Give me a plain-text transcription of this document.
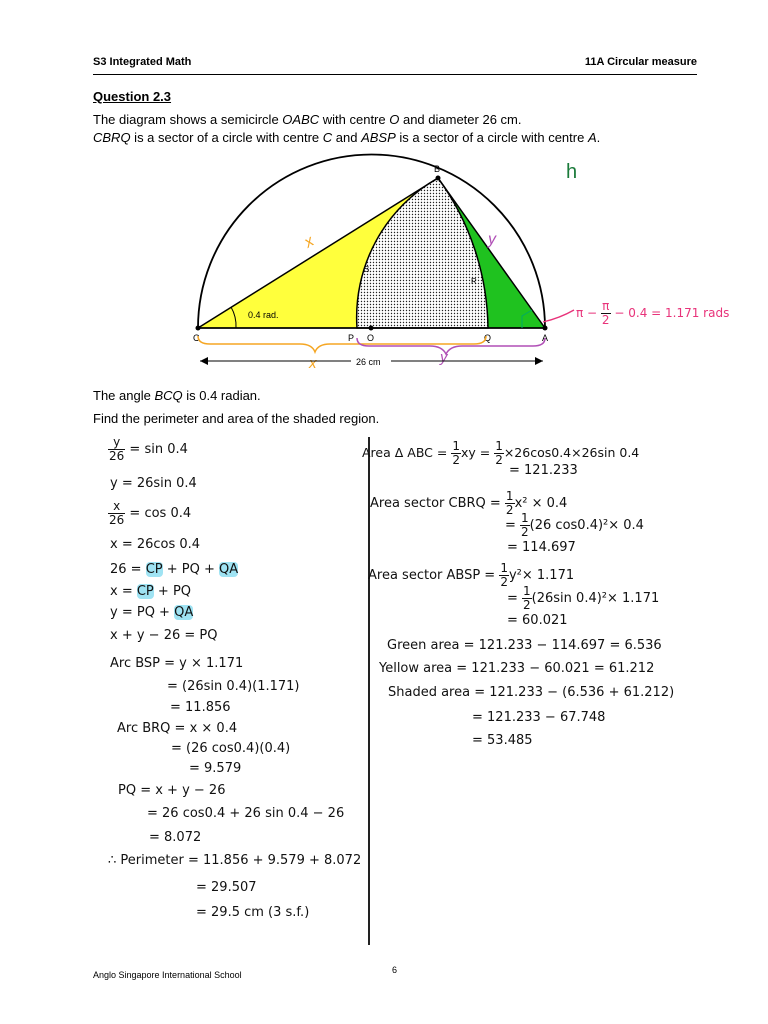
S3 Integrated Math	11A Circular measure
Question 2.3
The diagram shows a semicircle OABC with centre O and diameter 26 cm.
CBRQ is a sector of a circle with centre C and ABSP is a sector of a circle with centre A.
B
C	P O	Q	A
S
R
0.4 rad.
h
x	y
x	y
26 cm
$\pi - \frac{\pi}{2} - 0.4 = 1.171$ rads
The angle BCQ is 0.4 radian.
Find the perimeter and area of the shaded region.
$\frac{y}{26} = \sin 0.4$
y = 26sin 0.4
$\frac{x}{26} = \cos 0.4$
x = 26cos 0.4
26 = CP + PQ + QA
x = CP + PQ
y = PQ + QA
x + y − 26 = PQ
Arc BSP = y × 1.171
= (26sin 0.4)(1.171)
= 11.856
Arc BRQ = x × 0.4
= (26 cos0.4)(0.4)
= 9.579
PQ = x + y − 26
= 26 cos0.4 + 26 sin 0.4 − 26
= 8.072
∴ Perimeter = 11.856 + 9.579 + 8.072
= 29.507
= 29.5 cm (3 s.f.)
Area Δ ABC = $\frac{1}{2}$ xy = $\frac{1}{2} \times 26\cos 0.4\times 26\sin$ 0.4
= 121.233
Area sector CBRQ = $\frac{1}{2} x^2 \times 0.4$
= $\frac{1}{2} (26$ cos0.4)²× 0.4
= 114.697
Area sector ABSP = $\frac{1}{2} y^2\times 1.171$
= $\frac{1}{2} (26\sin$ 0.4)²× 1.171
= 60.021
Green area = 121.233 − 114.697 = 6.536
Yellow area = 121.233 − 60.021 = 61.212
Shaded area = 121.233 − (6.536 + 61.212)
= 121.233 − 67.748
= 53.485
Anglo Singapore International School	6
